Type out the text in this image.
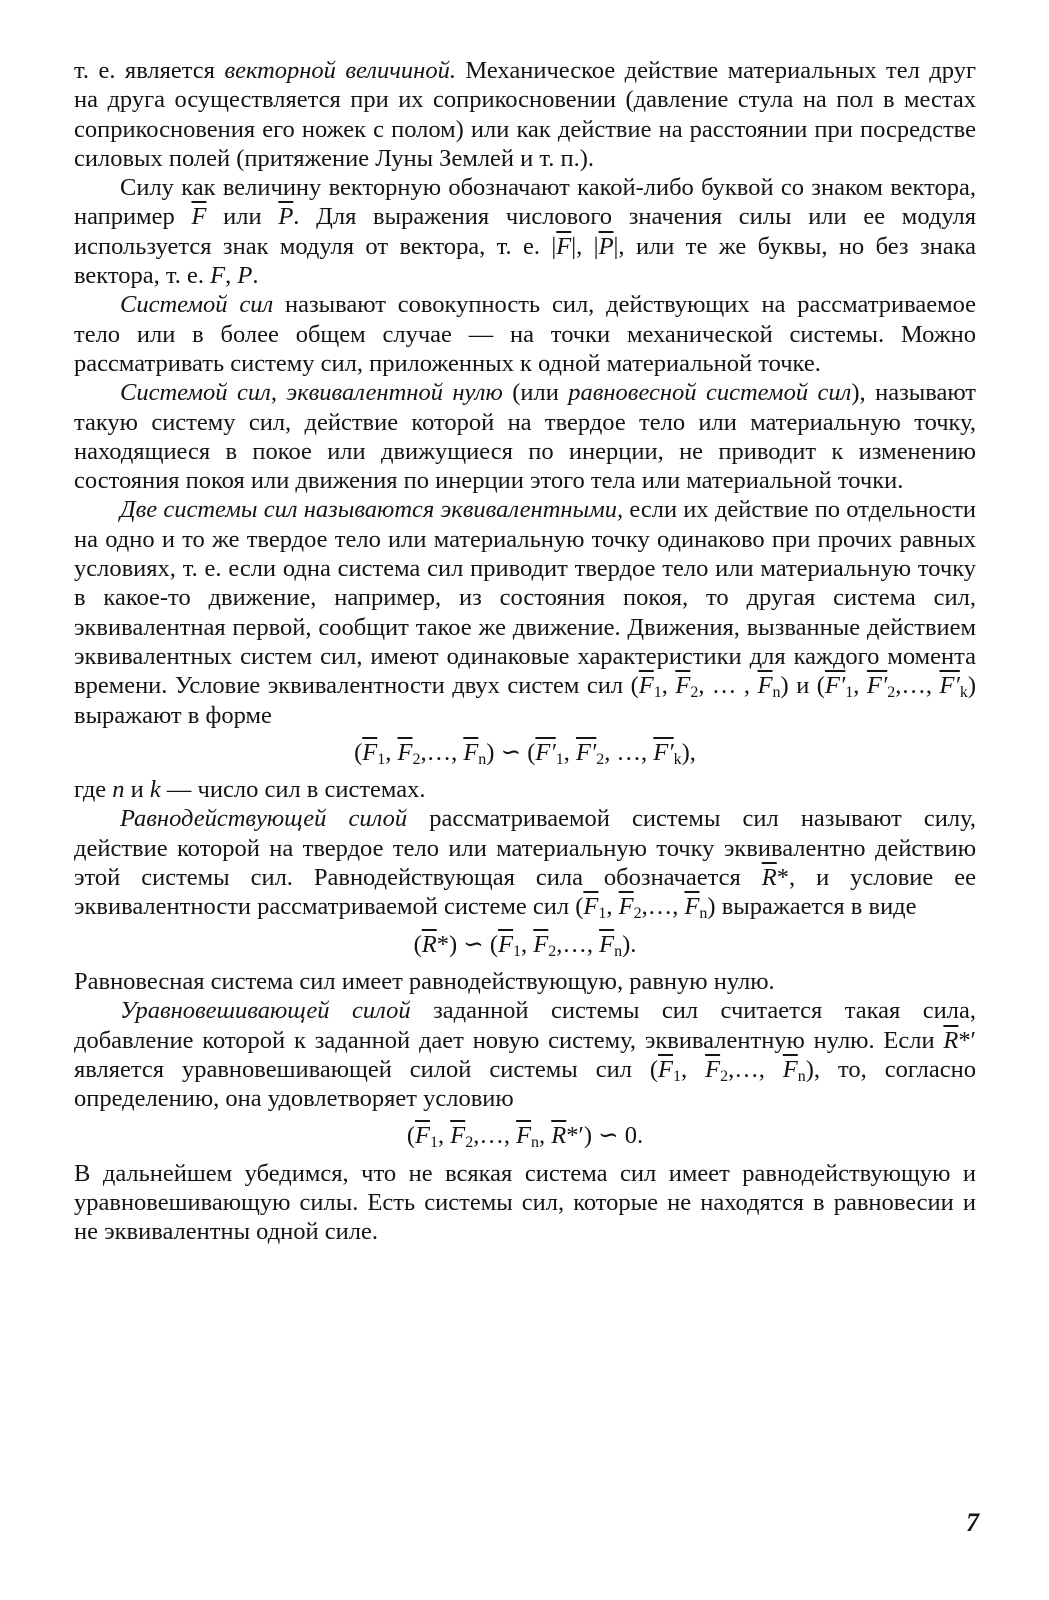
т. е. является векторной величиной. Механическое действие материальных тел друг на друга осуществляется при их соприкосновении (давление стула на пол в местах соприкосновения его ножек с полом) или как действие на расстоянии при посредстве силовых полей (притяжение Луны Землей и т. п.).

Силу как величину векторную обозначают какой-либо буквой со знаком вектора, например $\overline{F}$ или $\overline{P}$. Для выражения числового значения силы или ее модуля используется знак модуля от вектора, т. е. $|\overline{F}|$, $|\overline{P}|$, или те же буквы, но без знака вектора, т. е. F, P.

Системой сил называют совокупность сил, действующих на рассматриваемое тело или в более общем случае — на точки механической системы. Можно рассматривать систему сил, приложенных к одной материальной точке.

Системой сил, эквивалентной нулю (или равновесной системой сил), называют такую систему сил, действие которой на твердое тело или материальную точку, находящиеся в покое или движущиеся по инерции, не приводит к изменению состояния покоя или движения по инерции этого тела или материальной точки.

Две системы сил называются эквивалентными, если их действие по отдельности на одно и то же твердое тело или материальную точку одинаково при прочих равных условиях, т. е. если одна система сил приводит твердое тело или материальную точку в какое-то движение, например, из состояния покоя, то другая система сил, эквивалентная первой, сообщит такое же движение. Движения, вызванные действием эквивалентных систем сил, имеют одинаковые характеристики для каждого момента времени. Условие эквивалентности двух систем сил ($\overline{F}_1$, $\overline{F}_2$, … , $\overline{F}_n$) и ($F'_1$, $F'_2,\dots$, $F'_k$) выражают в форме

($\overline{F}_1$, $\overline{F}_2,\dots$, $\overline{F}_n$) ∽ ($F'_1$, $F'_2$, …, $F'_k$),

где n и k — число сил в системах.

Равнодействующей силой рассматриваемой системы сил называют силу, действие которой на твердое тело или материальную точку эквивалентно действию этой системы сил. Равнодействующая сила обозначается $\overline{R}*$, и условие ее эквивалентности рассматриваемой системе сил ($\overline{F}_1$, $\overline{F}_2,\dots$, $\overline{F}_n$) выражается в виде

$(\overline{R}*)$ ∽ ($\overline{F}_1$, $\overline{F}_2,\dots$, $\overline{F}_n$).

Равновесная система сил имеет равнодействующую, равную нулю.

Уравновешивающей силой заданной системы сил считается такая сила, добавление которой к заданной дает новую систему, эквивалентную нулю. Если $\overline{R}*'$ является уравновешивающей силой системы сил ($\overline{F}_1$, $\overline{F}_2,\dots$, $\overline{F}_n$), то, согласно определению, она удовлетворяет условию

($\overline{F}_1$, $\overline{F}_2,\dots$, $\overline{F}_n$, $\overline{R}*'$) ∽ 0.

В дальнейшем убедимся, что не всякая система сил имеет равнодействующую и уравновешивающую силы. Есть системы сил, которые не находятся в равновесии и не эквивалентны одной силе.

7
